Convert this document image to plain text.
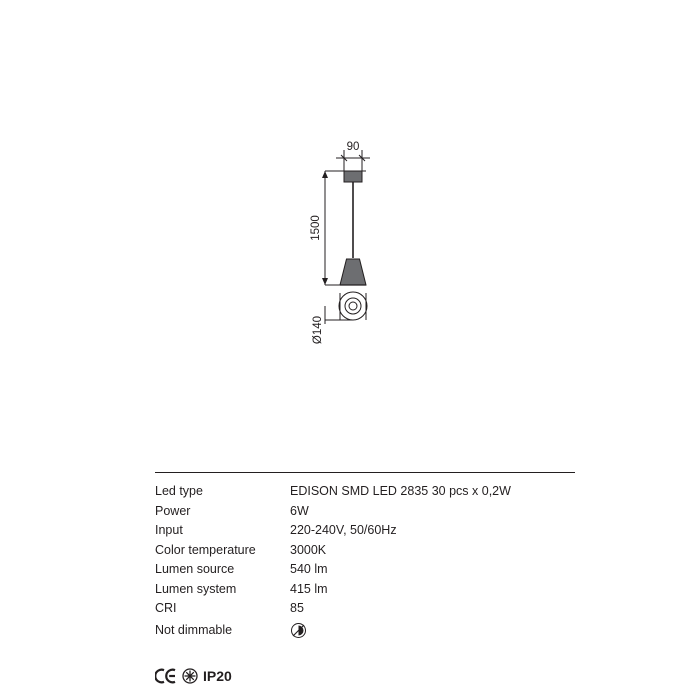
90
1500
Ø140
Led type	EDISON SMD LED 2835 30 pcs x 0,2W
Power	6W
Input	220-240V, 50/60Hz
Color temperature	3000K
Lumen source	540 lm
Lumen system	415 lm
CRI	85
Not dimmable	
IP20
